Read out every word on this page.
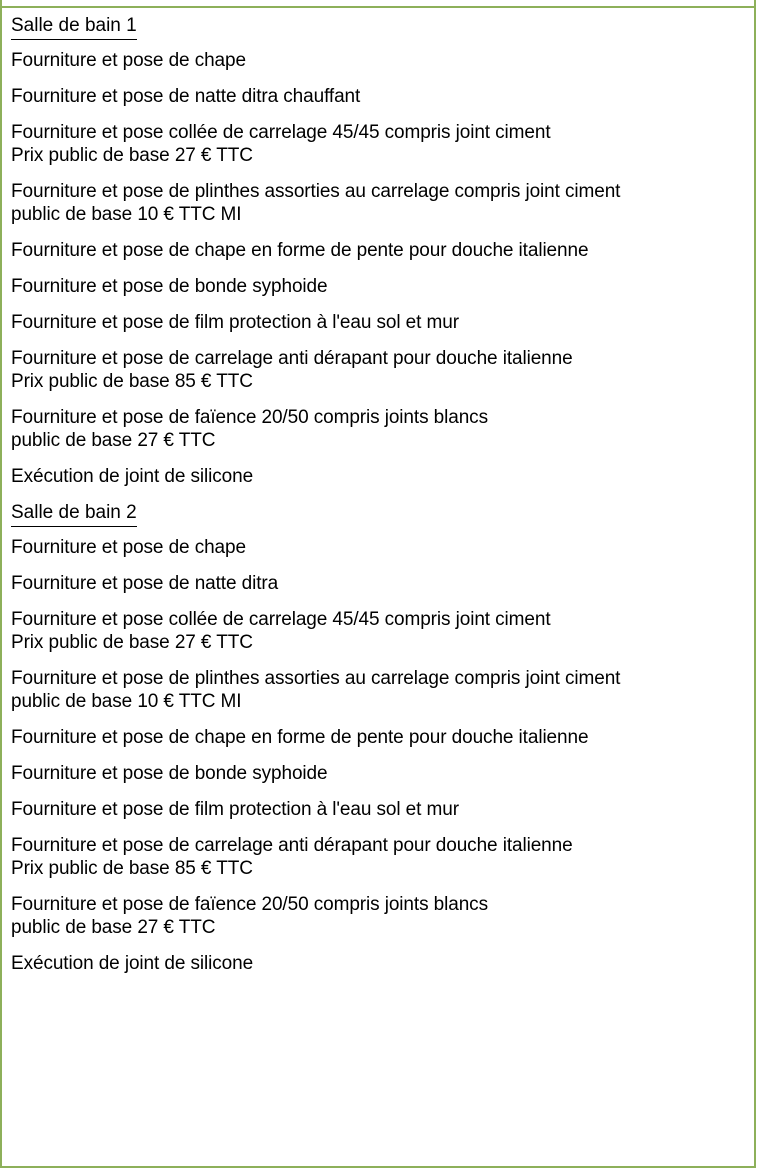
Salle de bain 1
Fourniture et pose de chape
Fourniture et pose de natte ditra chauffant
Fourniture et pose collée de carrelage 45/45 compris joint ciment
Prix public de base 27 € TTC
Fourniture et pose de plinthes assorties au carrelage compris joint ciment
public de base 10 € TTC MI
Fourniture et pose de chape en forme de pente pour douche italienne
Fourniture et pose de bonde syphoide
Fourniture et pose de film protection à l'eau sol et mur
Fourniture et pose de carrelage anti dérapant pour douche italienne
Prix public de base 85 € TTC
Fourniture et pose de faïence 20/50 compris joints blancs
public de base 27 € TTC
Exécution de joint de silicone
Salle de bain 2
Fourniture et pose de chape
Fourniture et pose de natte ditra
Fourniture et pose collée de carrelage 45/45 compris joint ciment
Prix public de base 27 € TTC
Fourniture et pose de plinthes assorties au carrelage compris joint ciment
public de base 10 € TTC MI
Fourniture et pose de chape en forme de pente pour douche italienne
Fourniture et pose de bonde syphoide
Fourniture et pose de film protection à l'eau sol et mur
Fourniture et pose de carrelage anti dérapant pour douche italienne
Prix public de base 85 € TTC
Fourniture et pose de faïence 20/50 compris joints blancs
public de base 27 € TTC
Exécution de joint de silicone
